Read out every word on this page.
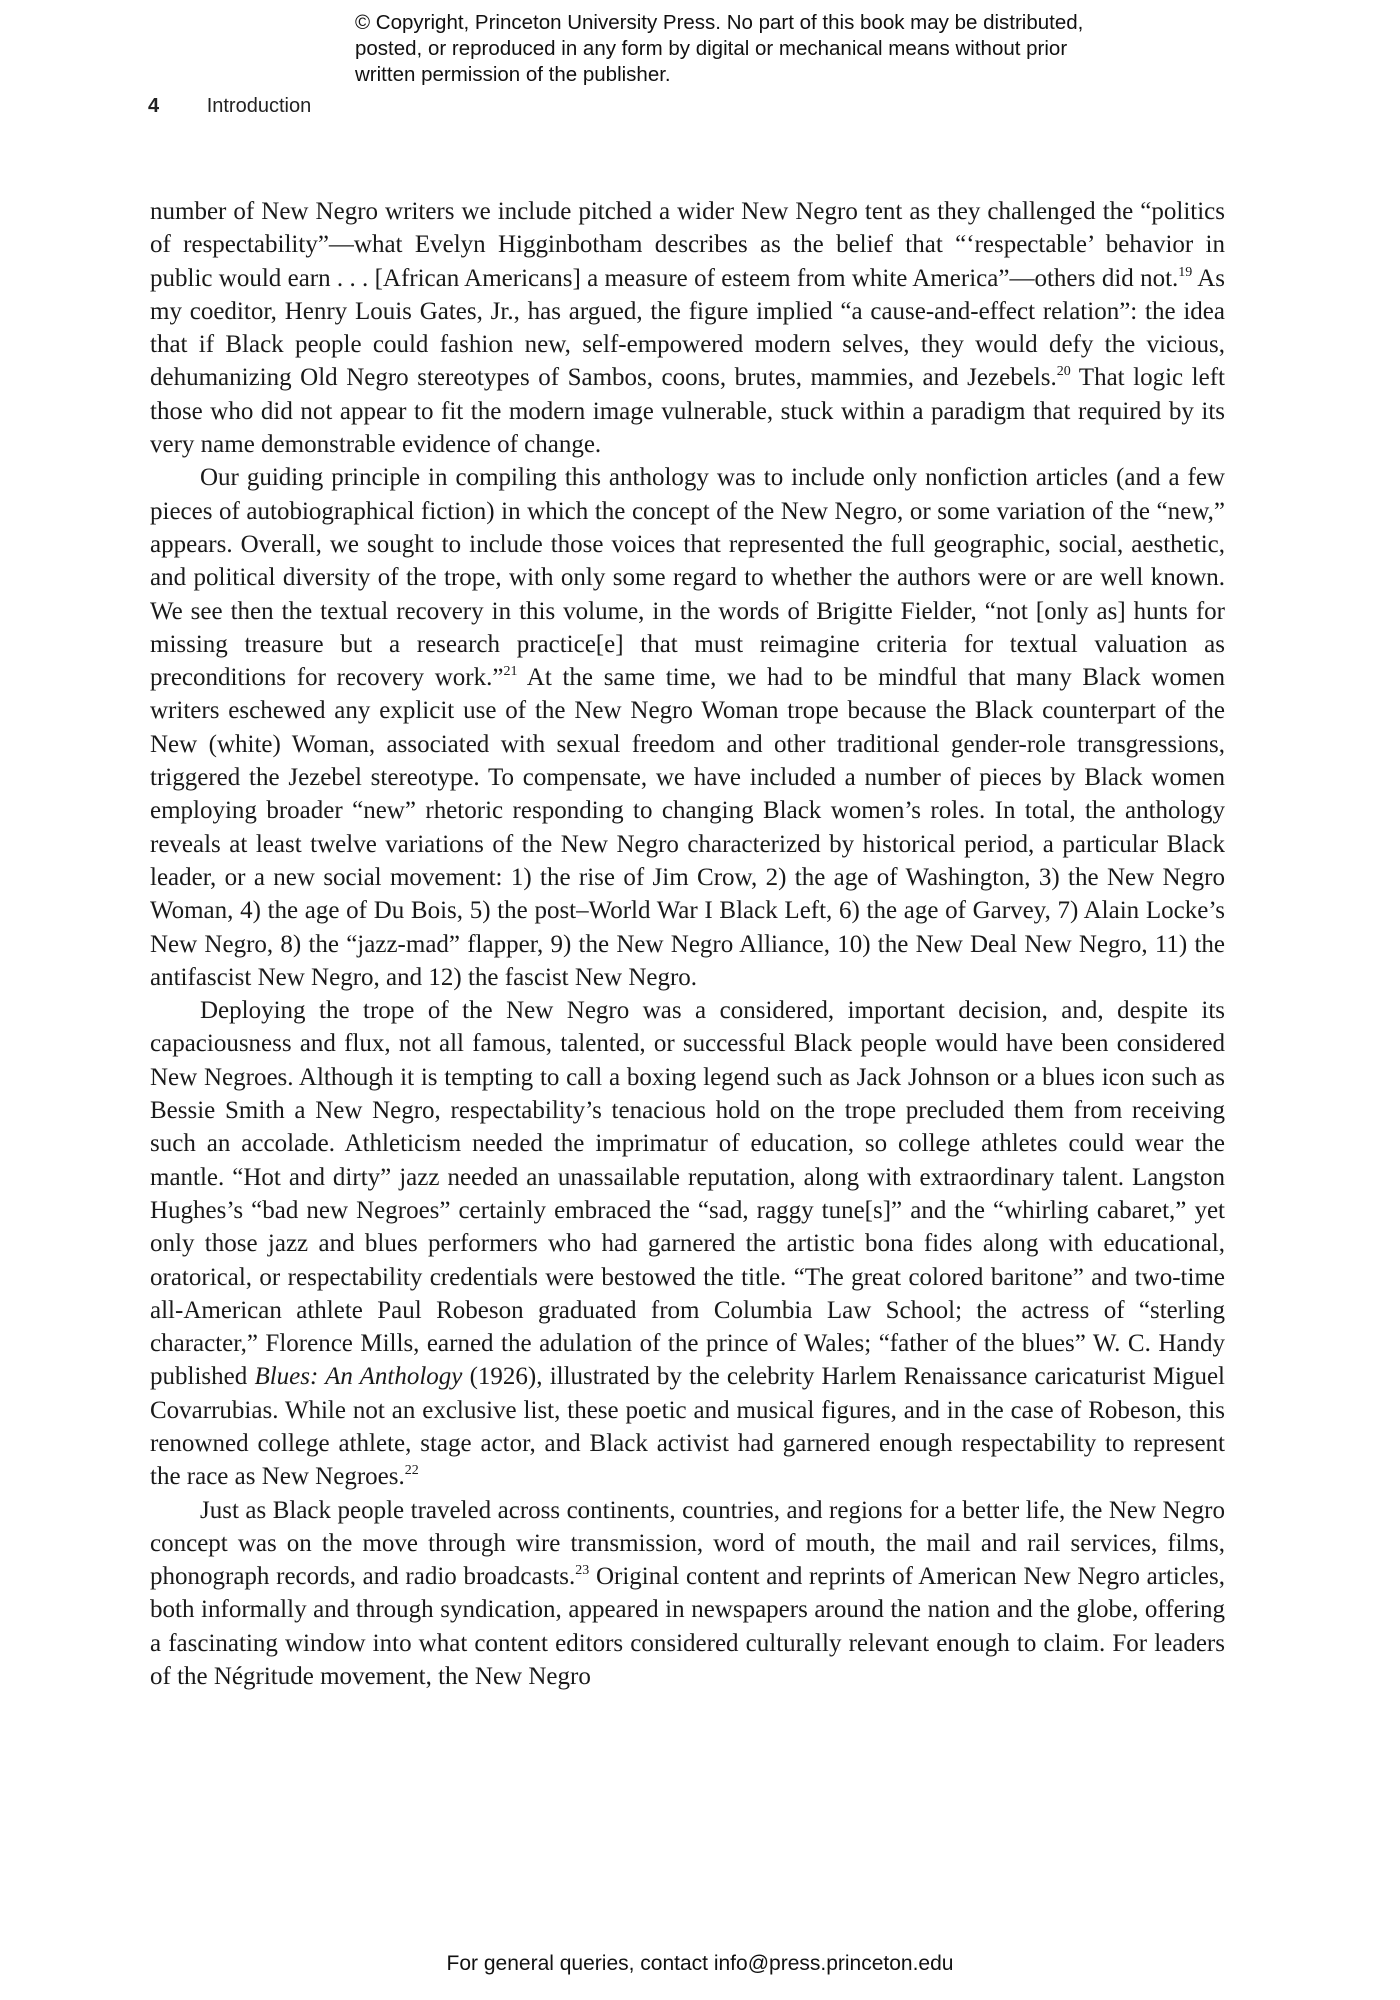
© Copyright, Princeton University Press. No part of this book may be distributed, posted, or reproduced in any form by digital or mechanical means without prior written permission of the publisher.
4 Introduction

number of New Negro writers we include pitched a wider New Negro tent as they challenged the “politics of respectability”—what Evelyn Higginbotham describes as the belief that “‘respectable’ behavior in public would earn . . . [African Americans] a measure of esteem from white America”—others did not.$^{19}$ As my coeditor, Henry Louis Gates, Jr., has argued, the figure implied “a cause-and-effect relation”: the idea that if Black people could fashion new, self-empowered modern selves, they would defy the vicious, dehumanizing Old Negro stereotypes of Sambos, coons, brutes, mammies, and Jezebels.$^{20}$ That logic left those who did not appear to fit the modern image vulnerable, stuck within a paradigm that required by its very name demonstrable evidence of change.

Our guiding principle in compiling this anthology was to include only nonfiction articles (and a few pieces of autobiographical fiction) in which the concept of the New Negro, or some variation of the “new,” appears. Overall, we sought to include those voices that represented the full geographic, social, aesthetic, and political diversity of the trope, with only some regard to whether the authors were or are well known. We see then the textual recovery in this volume, in the words of Brigitte Fielder, “not [only as] hunts for missing treasure but a research practice[e] that must reimagine criteria for textual valuation as preconditions for recovery work.”$^{21}$ At the same time, we had to be mindful that many Black women writers eschewed any explicit use of the New Negro Woman trope because the Black counterpart of the New (white) Woman, associated with sexual freedom and other traditional gender-role transgressions, triggered the Jezebel stereotype. To compensate, we have included a number of pieces by Black women employing broader “new” rhetoric responding to changing Black women’s roles. In total, the anthology reveals at least twelve variations of the New Negro characterized by historical period, a particular Black leader, or a new social movement: 1) the rise of Jim Crow, 2) the age of Washington, 3) the New Negro Woman, 4) the age of Du Bois, 5) the post–World War I Black Left, 6) the age of Garvey, 7) Alain Locke’s New Negro, 8) the “jazz-mad” flapper, 9) the New Negro Alliance, 10) the New Deal New Negro, 11) the antifascist New Negro, and 12) the fascist New Negro.

Deploying the trope of the New Negro was a considered, important decision, and, despite its capaciousness and flux, not all famous, talented, or successful Black people would have been considered New Negroes. Although it is tempting to call a boxing legend such as Jack Johnson or a blues icon such as Bessie Smith a New Negro, respectability’s tenacious hold on the trope precluded them from receiving such an accolade. Athleticism needed the imprimatur of education, so college athletes could wear the mantle. “Hot and dirty” jazz needed an unassailable reputation, along with extraordinary talent. Langston Hughes’s “bad new Negroes” certainly embraced the “sad, raggy tune[s]” and the “whirling cabaret,” yet only those jazz and blues performers who had garnered the artistic bona fides along with educational, oratorical, or respectability credentials were bestowed the title. “The great colored baritone” and two-time all-American athlete Paul Robeson graduated from Columbia Law School; the actress of “sterling character,” Florence Mills, earned the adulation of the prince of Wales; “father of the blues” W. C. Handy published Blues: An Anthology (1926), illustrated by the celebrity Harlem Renaissance caricaturist Miguel Covarrubias. While not an exclusive list, these poetic and musical figures, and in the case of Robeson, this renowned college athlete, stage actor, and Black activist had garnered enough respectability to represent the race as New Negroes.$^{22}$

Just as Black people traveled across continents, countries, and regions for a better life, the New Negro concept was on the move through wire transmission, word of mouth, the mail and rail services, films, phonograph records, and radio broadcasts.$^{23}$ Original content and reprints of American New Negro articles, both informally and through syndication, appeared in newspapers around the nation and the globe, offering a fascinating window into what content editors considered culturally relevant enough to claim. For leaders of the Négritude movement, the New Negro

For general queries, contact info@press.princeton.edu
